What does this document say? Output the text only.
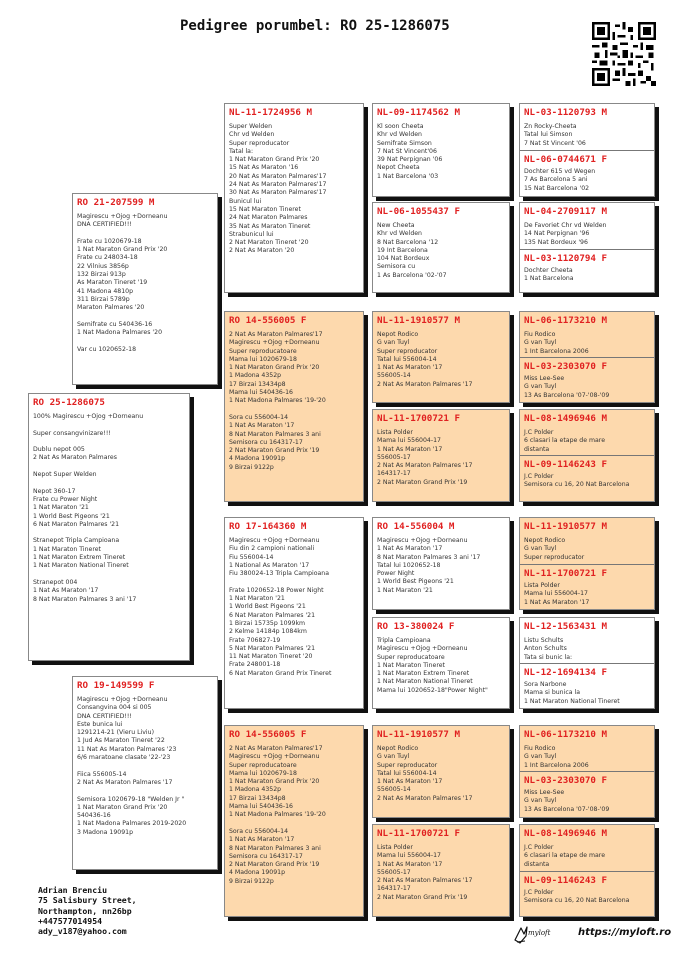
Pedigree porumbel: RO 25-1286075
RO 25-1286075
100% Magirescu +Ojog +Dorneanu

Super consangvinizare!!!

Dublu nepot 005
2 Nat As Maraton Palmares

Nepot Super Welden

Nepot 360-17
Frate cu Power Night
1 Nat Maraton '21
1 World Best Pigeons '21
6 Nat Maraton Palmares '21

Stranepot Tripla Campioana
1 Nat Maraton Tineret
1 Nat Maraton Extrem Tineret
1 Nat Maraton National Tineret

Stranepot 004
1 Nat As Maraton '17
8 Nat Maraton Palmares 3 ani '17
RO 21-207599 M
Magirescu +Ojog +Dorneanu
DNA CERTIFIED!!!

Frate cu 1020679-18
1 Nat Maraton Grand Prix '20
Frate cu 248034-18
22 Vilnius 3856p
132 Birzai 913p
As Maraton Tineret '19
41 Madona 4810p
311 Birzai 5789p
Maraton Palmares '20

Semifrate cu 540436-16
1 Nat Madona Palmares '20

Var cu 1020652-18
RO 19-149599 F
Magirescu +Ojog +Dorneanu
Consangvina 004 si 005
DNA CERTIFIED!!!
Este bunica lui
1291214-21 (Vieru Liviu)
1 Jud As Maraton Tineret '22
11 Nat As Maraton Palmares '23
6/6 maratoane clasate '22-'23

Fiica 556005-14
2 Nat As Maraton Palmares '17

Semisora 1020679-18 "Welden Jr "
1 Nat Maraton Grand Prix '20
540436-16
1 Nat Madona Palmares 2019-2020
3 Madona 19091p
NL-11-1724956 M
Super Welden
Chr vd Welden
Super reproducator
Tatal la:
1 Nat Maraton Grand Prix '20
15 Nat As Maraton '16
20 Nat As Maraton Palmares'17
24 Nat As Maraton Palmares'17
30 Nat As Maraton Palmares'17
Bunicul lui
15 Nat Maraton Tineret
24 Nat Maraton Palmares
35 Nat As Maraton Tineret
Strabunicul lui
2 Nat Maraton Tineret '20
2 Nat As Maraton '20
RO 14-556005 F
2 Nat As Maraton Palmares'17
Magirescu +Ojog +Dorneanu
Super reproducatoare
Mama lui 1020679-18
1 Nat Maraton Grand Prix '20
1 Madona 4352p
17 Birzai 13434p8
Mama lui 540436-16
1 Nat Madona Palmares '19-'20

Sora cu 556004-14
1 Nat As Maraton '17
8 Nat Maraton Palmares 3 ani
Semisora cu 164317-17
2 Nat Maraton Grand Prix '19
4 Madona 19091p
9 Birzai 9122p
RO 17-164360 M
Magirescu +Ojog +Dorneanu
Fiu din 2 campioni nationali
Fiu 556004-14
1 National As Maraton '17
Fiu 380024-13 Tripla Campioana

Frate 1020652-18 Power Night
1 Nat Maraton '21
1 World Best Pigeons '21
6 Nat Maraton Palmares '21
1 Birzai 15735p 1099km
2 Kelme 14184p 1084km
Frate 706827-19
5 Nat Maraton Palmares '21
11 Nat Maraton Tineret '20
Frate 248001-18
6 Nat Maraton Grand Prix Tineret
RO 14-556005 F
2 Nat As Maraton Palmares'17
Magirescu +Ojog +Dorneanu
Super reproducatoare
Mama lui 1020679-18
1 Nat Maraton Grand Prix '20
1 Madona 4352p
17 Birzai 13434p8
Mama lui 540436-16
1 Nat Madona Palmares '19-'20

Sora cu 556004-14
1 Nat As Maraton '17
8 Nat Maraton Palmares 3 ani
Semisora cu 164317-17
2 Nat Maraton Grand Prix '19
4 Madona 19091p
9 Birzai 9122p
NL-09-1174562 M
Kl soon Cheeta
Khr vd Welden
Semifrate Simson
7 Nat St Vincent'06
39 Nat Perpignan '06
Nepot Cheeta
1 Nat Barcelona '03
NL-06-1055437 F
New Cheeta
Khr vd Welden
8 Nat Barcelona '12
19 Int Barcelona
104 Nat Bordeux
Semisora cu
1 As Barcelona '02-'07
NL-11-1910577 M
Nepot Rodico
G van Tuyl
Super reproducator
Tatal lui 556004-14
1 Nat As Maraton '17
556005-14
2 Nat As Maraton Palmares '17
NL-11-1700721 F
Lista Polder
Mama lui 556004-17
1 Nat As Maraton '17
556005-17
2 Nat As Maraton Palmares '17
164317-17
2 Nat Maraton Grand Prix '19
RO 14-556004 M
Magirescu +Ojog +Dorneanu
1 Nat As Maraton '17
8 Nat Maraton Palmares 3 ani '17
Tatal lui 1020652-18
Power Night
1 World Best Pigeons '21
1 Nat Maraton '21
RO 13-380024 F
Tripla Campioana
Magirescu +Ojog +Dorneanu
Super reproducatoare
1 Nat Maraton Tineret
1 Nat Maraton Extrem Tineret
1 Nat Maraton National Tineret
Mama lui 1020652-18"Power Night"
NL-11-1910577 M
Nepot Rodico
G van Tuyl
Super reproducator
Tatal lui 556004-14
1 Nat As Maraton '17
556005-14
2 Nat As Maraton Palmares '17
NL-11-1700721 F
Lista Polder
Mama lui 556004-17
1 Nat As Maraton '17
556005-17
2 Nat As Maraton Palmares '17
164317-17
2 Nat Maraton Grand Prix '19
NL-03-1120793 M
Zn Rocky-Cheeta
Tatal lui Simson
7 Nat St Vincent '06
NL-06-0744671 F
Dochter 615 vd Wegen
7 As Barcelona 5 ani
15 Nat Barcelona '02
NL-04-2709117 M
De Favoriet Chr vd Welden
14 Nat Perpignan '96
135 Nat Bordeux '96
NL-03-1120794 F
Dochter Cheeta
1 Nat Barcelona
NL-06-1173210 M
Fiu Rodico
G van Tuyl
1 Int Barcelona 2006
NL-03-2303070 F
Miss Lee-See
G van Tuyl
13 As Barcelona '07-'08-'09
NL-08-1496946 M
J.C Polder
6 clasari la etape de mare
distanta
NL-09-1146243 F
J.C Polder
Semisora cu 16, 20 Nat Barcelona
NL-11-1910577 M
Nepot Rodico
G van Tuyl
Super reproducator
NL-11-1700721 F
Lista Polder
Mama lui 556004-17
1 Nat As Maraton '17
NL-12-1563431 M
Listu Schults
Anton Schults
Tata si bunic la:
NL-12-1694134 F
Sora Narbone
Mama si bunica la
1 Nat Maraton National Tineret
NL-06-1173210 M
Fiu Rodico
G van Tuyl
1 Int Barcelona 2006
NL-03-2303070 F
Miss Lee-See
G van Tuyl
13 As Barcelona '07-'08-'09
NL-08-1496946 M
J.C Polder
6 clasari la etape de mare
distanta
NL-09-1146243 F
J.C Polder
Semisora cu 16, 20 Nat Barcelona
Adrian Brenciu
75 Salisbury Street,
Northampton, nn26bp
+447577014954
ady_v187@yahoo.com	myloft	https://myloft.ro
